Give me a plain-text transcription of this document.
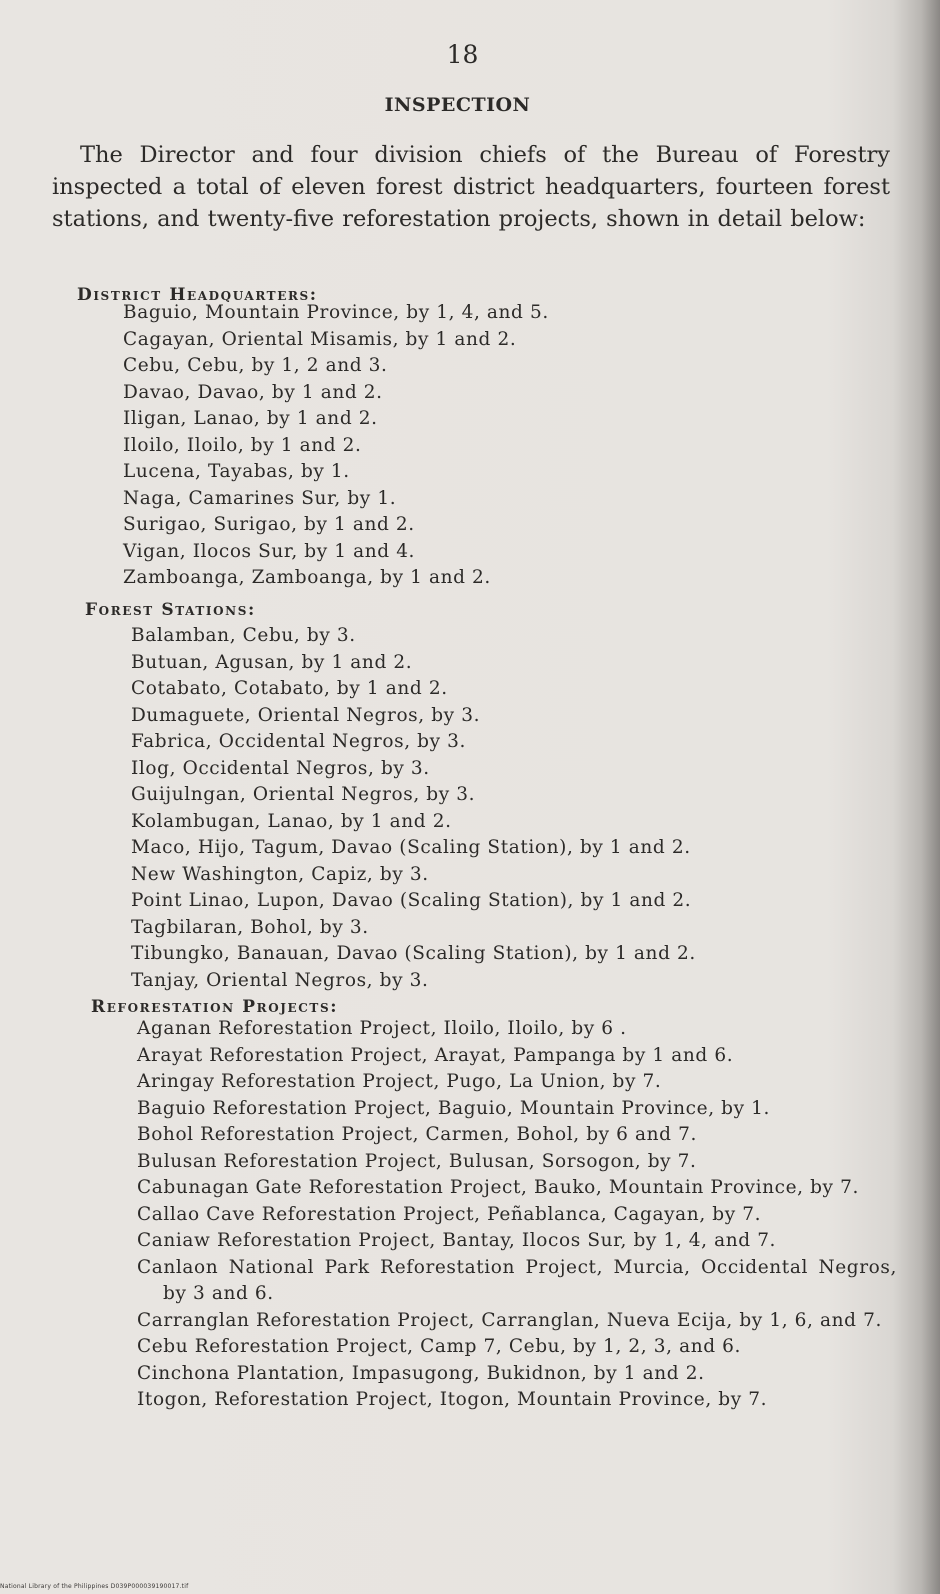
18
INSPECTION

The Director and four division chiefs of the Bureau of Forestry inspected a total of eleven forest district headquarters, fourteen forest stations, and twenty-five reforestation projects, shown in detail below:

District Headquarters:
Baguio, Mountain Province, by 1, 4, and 5.
Cagayan, Oriental Misamis, by 1 and 2.
Cebu, Cebu, by 1, 2 and 3.
Davao, Davao, by 1 and 2.
Iligan, Lanao, by 1 and 2.
Iloilo, Iloilo, by 1 and 2.
Lucena, Tayabas, by 1.
Naga, Camarines Sur, by 1.
Surigao, Surigao, by 1 and 2.
Vigan, Ilocos Sur, by 1 and 4.
Zamboanga, Zamboanga, by 1 and 2.
Forest Stations:
Balamban, Cebu, by 3.
Butuan, Agusan, by 1 and 2.
Cotabato, Cotabato, by 1 and 2.
Dumaguete, Oriental Negros, by 3.
Fabrica, Occidental Negros, by 3.
Ilog, Occidental Negros, by 3.
Guijulngan, Oriental Negros, by 3.
Kolambugan, Lanao, by 1 and 2.
Maco, Hijo, Tagum, Davao (Scaling Station), by 1 and 2.
New Washington, Capiz, by 3.
Point Linao, Lupon, Davao (Scaling Station), by 1 and 2.
Tagbilaran, Bohol, by 3.
Tibungko, Banauan, Davao (Scaling Station), by 1 and 2.
Tanjay, Oriental Negros, by 3.
Reforestation Projects:
Aganan Reforestation Project, Iloilo, Iloilo, by 6 .
Arayat Reforestation Project, Arayat, Pampanga by 1 and 6.
Aringay Reforestation Project, Pugo, La Union, by 7.
Baguio Reforestation Project, Baguio, Mountain Province, by 1.
Bohol Reforestation Project, Carmen, Bohol, by 6 and 7.
Bulusan Reforestation Project, Bulusan, Sorsogon, by 7.
Cabunagan Gate Reforestation Project, Bauko, Mountain Province, by 7.
Callao Cave Reforestation Project, Peñablanca, Cagayan, by 7.
Caniaw Reforestation Project, Bantay, Ilocos Sur, by 1, 4, and 7.
Canlaon National Park Reforestation Project, Murcia, Occidental Negros, by 3 and 6.
Carranglan Reforestation Project, Carranglan, Nueva Ecija, by 1, 6, and 7.
Cebu Reforestation Project, Camp 7, Cebu, by 1, 2, 3, and 6.
Cinchona Plantation, Impasugong, Bukidnon, by 1 and 2.
Itogon, Reforestation Project, Itogon, Mountain Province, by 7.
National Library of the Philippines D039P000039190017.tif
